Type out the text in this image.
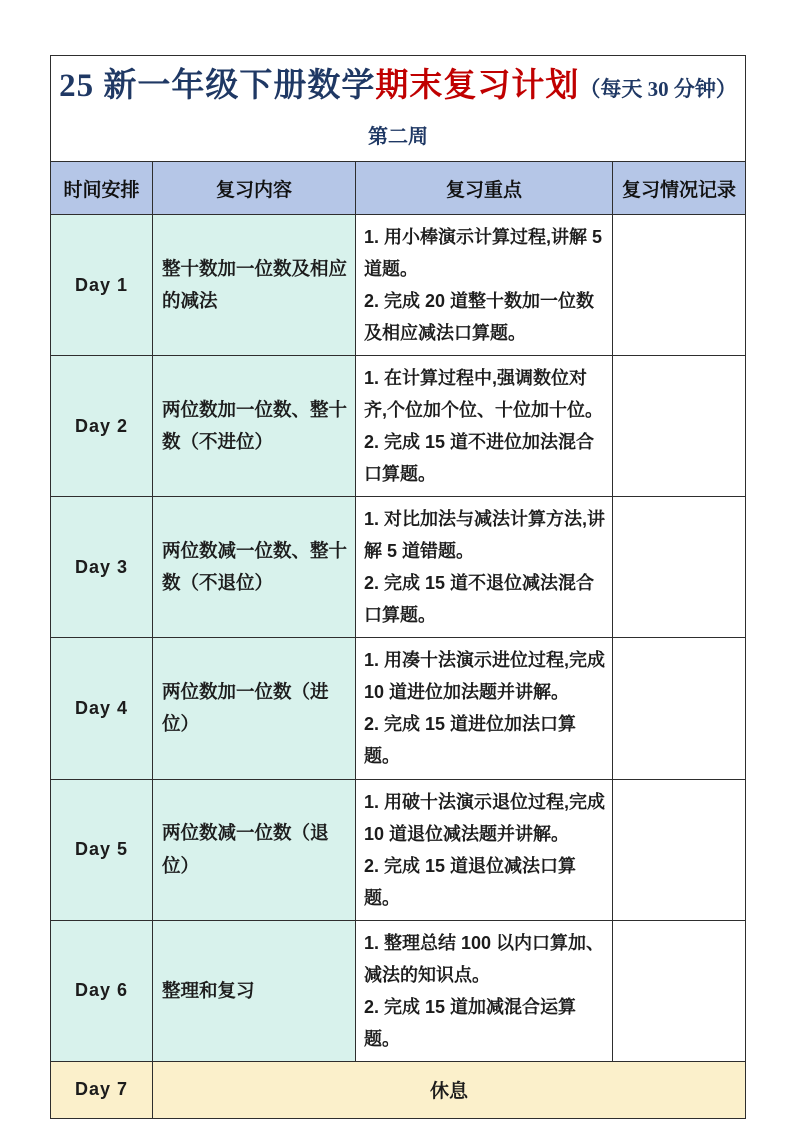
25 新一年级下册数学期末复习计划（每天 30 分钟）
第二周			

时间安排	复习内容	复习重点	复习情况记录
Day 1	整十数加一位数及相应的减法	1. 用小棒演示计算过程,讲解 5 道题。

2. 完成 20 道整十数加一位数及相应减法口算题。	

Day 2	两位数加一位数、整十数（不进位）	1. 在计算过程中,强调数位对齐,个位加个位、十位加十位。

2. 完成 15 道不进位加法混合口算题。	

Day 3	两位数减一位数、整十数（不退位）	1. 对比加法与减法计算方法,讲解 5 道错题。

2. 完成 15 道不退位减法混合口算题。	

Day 4	两位数加一位数（进位）	1. 用凑十法演示进位过程,完成 10 道进位加法题并讲解。

2. 完成 15 道进位加法口算题。	

Day 5	两位数减一位数（退位）	1. 用破十法演示退位过程,完成 10 道退位减法题并讲解。

2. 完成 15 道退位减法口算题。	

Day 6	整理和复习	1. 整理总结 100 以内口算加、减法的知识点。

2. 完成 15 道加减混合运算题。	

Day 7	休息		
